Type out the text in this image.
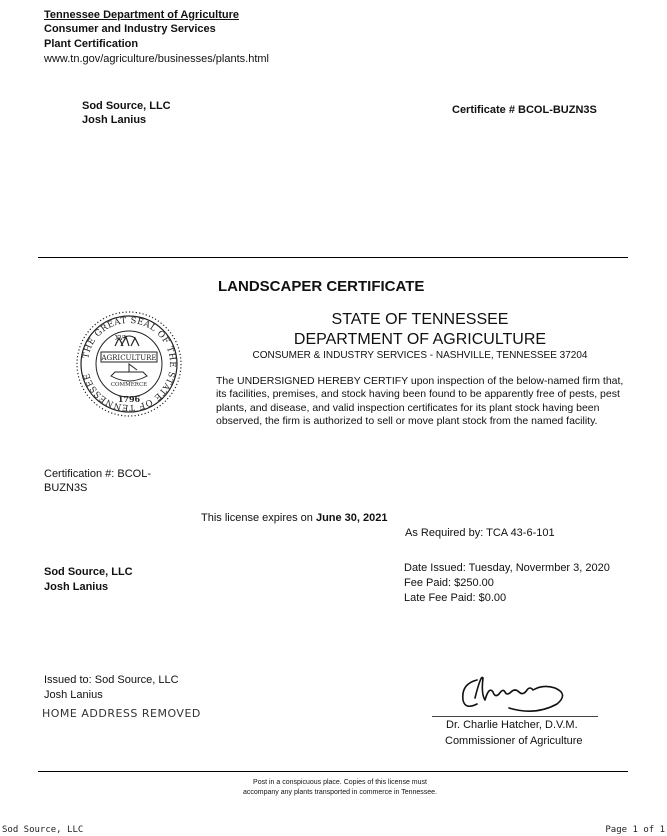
Tennessee Department of Agriculture
Consumer and Industry Services
Plant Certification
www.tn.gov/agriculture/businesses/plants.html
Sod Source, LLC
Josh Lanius
Certificate # BCOL-BUZN3S
LANDSCAPER CERTIFICATE
THE GREAT SEAL OF THE STATE OF TENNESSEE
AGRICULTURE
COMMERCE
XVI
1796
STATE OF TENNESSEE
DEPARTMENT OF AGRICULTURE
CONSUMER & INDUSTRY SERVICES - NASHVILLE, TENNESSEE 37204
The UNDERSIGNED HEREBY CERTIFY upon inspection of the below-named firm that, its facilities, premises, and stock having been found to be apparently free of pests, pest plants, and disease, and valid inspection certificates for its plant stock having been observed, the firm is authorized to sell or move plant stock from the named facility.
Certification #: BCOL-
BUZN3S
This license expires on June 30, 2021
As Required by: TCA 43-6-101
Sod Source, LLC
Josh Lanius
Date Issued: Tuesday, Novermber 3, 2020
Fee Paid: $250.00
Late Fee Paid: $0.00
Issued to: Sod Source, LLC
Josh Lanius
HOME ADDRESS REMOVED
Dr. Charlie Hatcher, D.V.M.
Commissioner of Agriculture
Post in a conspicuous place. Copies of this license must
accompany any plants transported in commerce in Tennessee.
Sod Source, LLC	Page 1 of 1
